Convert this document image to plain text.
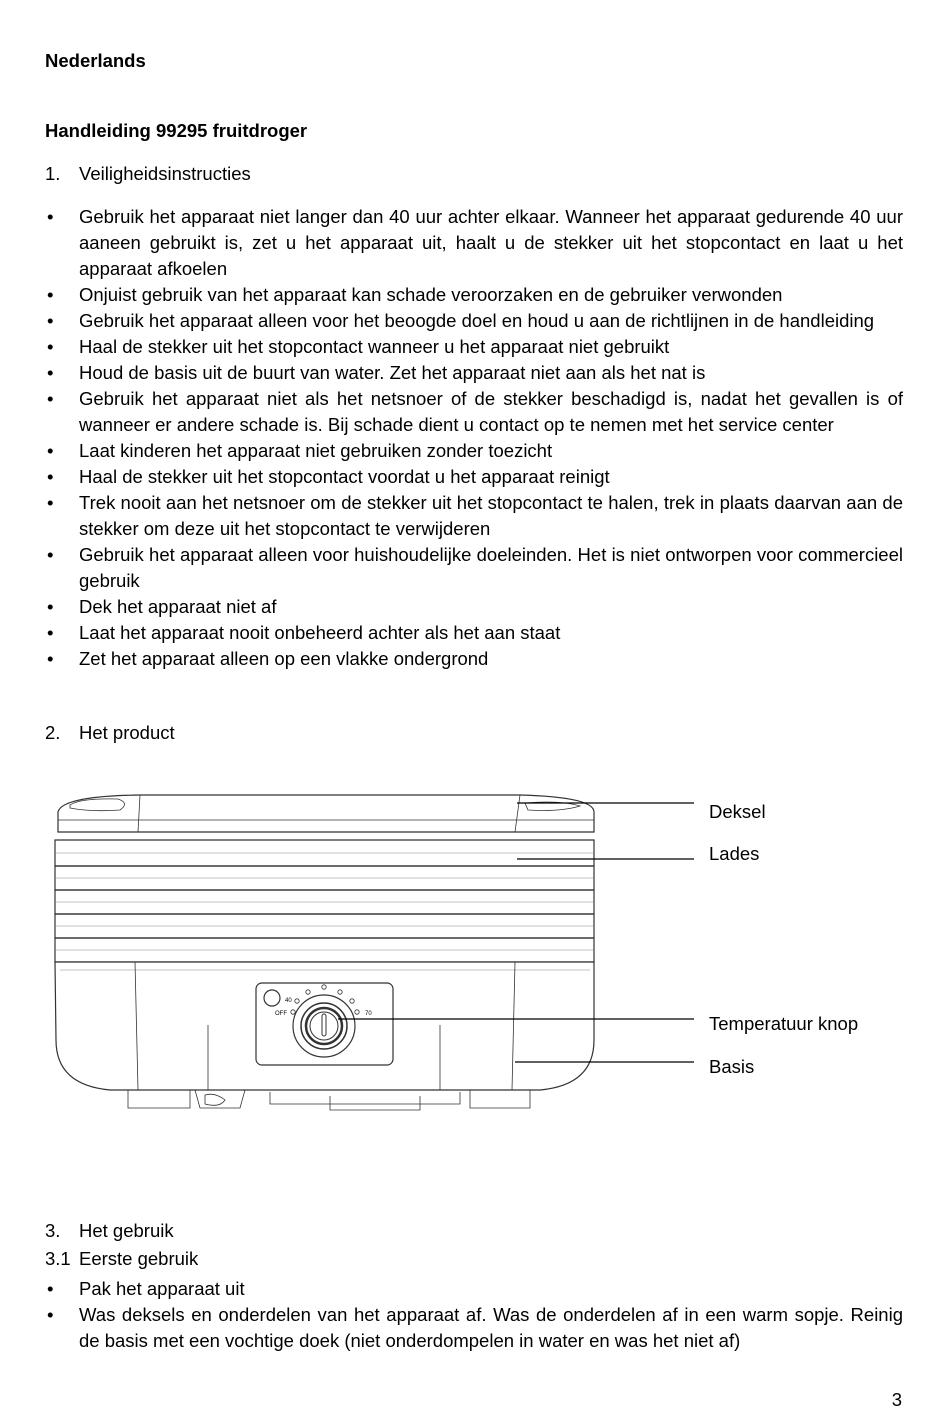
Nederlands
Handleiding 99295 fruitdroger
1. Veiligheidsinstructies
• Gebruik het apparaat niet langer dan 40 uur achter elkaar. Wanneer het apparaat gedurende 40 uur aaneen gebruikt is, zet u het apparaat uit, haalt u de stekker uit het stopcontact en laat u het apparaat afkoelen
• Onjuist gebruik van het apparaat kan schade veroorzaken en de gebruiker verwonden
• Gebruik het apparaat alleen voor het beoogde doel en houd u aan de richtlijnen in de handleiding
• Haal de stekker uit het stopcontact wanneer u het apparaat niet gebruikt
• Houd de basis uit de buurt van water. Zet het apparaat niet aan als het nat is
• Gebruik het apparaat niet als het netsnoer of de stekker beschadigd is, nadat het gevallen is of wanneer er andere schade is. Bij schade dient u contact op te nemen met het service center
• Laat kinderen het apparaat niet gebruiken zonder toezicht
• Haal de stekker uit het stopcontact voordat u het apparaat reinigt
• Trek nooit aan het netsnoer om de stekker uit het stopcontact te halen, trek in plaats daarvan aan de stekker om deze uit het stopcontact te verwijderen
• Gebruik het apparaat alleen voor huishoudelijke doeleinden. Het is niet ontworpen voor commercieel gebruik
• Dek het apparaat niet af
• Laat het apparaat nooit onbeheerd achter als het aan staat
• Zet het apparaat alleen op een vlakke ondergrond
2. Het product
40
OFF	70
Deksel
Lades
Temperatuur knop
Basis
3. Het gebruik
3.1 Eerste gebruik
• Pak het apparaat uit
• Was deksels en onderdelen van het apparaat af. Was de onderdelen af in een warm sopje. Reinig de basis met een vochtige doek (niet onderdompelen in water en was het niet af)
3
